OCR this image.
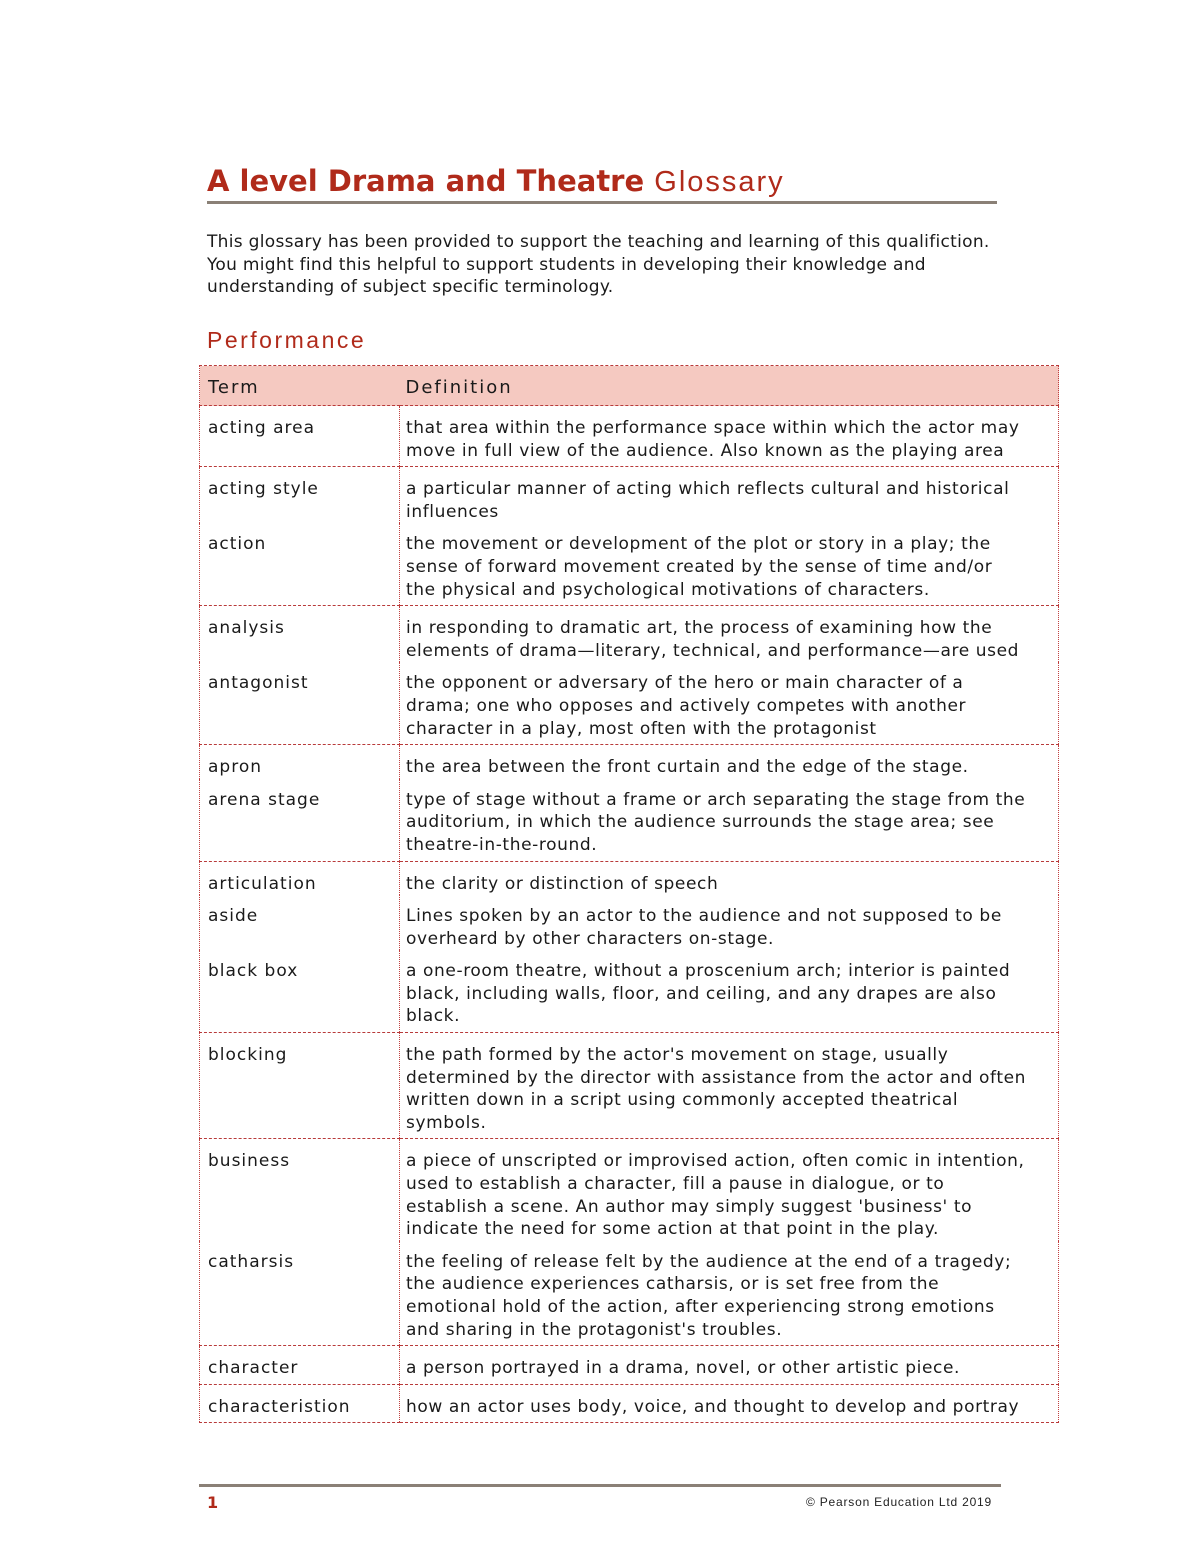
A level Drama and Theatre Glossary

This glossary has been provided to support the teaching and learning of this qualifiction.
You might find this helpful to support students in developing their knowledge and
understanding of subject specific terminology.

Performance
Term	Definition
acting area	that area within the performance space within which the actor may
move in full view of the audience. Also known as the playing area
acting style	a particular manner of acting which reflects cultural and historical
influences
action	the movement or development of the plot or story in a play; the
sense of forward movement created by the sense of time and/or
the physical and psychological motivations of characters.
analysis	in responding to dramatic art, the process of examining how the
elements of drama—literary, technical, and performance—are used
antagonist	the opponent or adversary of the hero or main character of a
drama; one who opposes and actively competes with another
character in a play, most often with the protagonist
apron	the area between the front curtain and the edge of the stage.
arena stage	type of stage without a frame or arch separating the stage from the
auditorium, in which the audience surrounds the stage area; see
theatre-in-the-round.
articulation	the clarity or distinction of speech
aside	Lines spoken by an actor to the audience and not supposed to be
overheard by other characters on-stage.
black box	a one-room theatre, without a proscenium arch; interior is painted
black, including walls, floor, and ceiling, and any drapes are also
black.
blocking	the path formed by the actor's movement on stage, usually
determined by the director with assistance from the actor and often
written down in a script using commonly accepted theatrical
symbols.
business	a piece of unscripted or improvised action, often comic in intention,
used to establish a character, fill a pause in dialogue, or to
establish a scene. An author may simply suggest 'business' to
indicate the need for some action at that point in the play.
catharsis	the feeling of release felt by the audience at the end of a tragedy;
the audience experiences catharsis, or is set free from the
emotional hold of the action, after experiencing strong emotions
and sharing in the protagonist's troubles.
character	a person portrayed in a drama, novel, or other artistic piece.
characteristion	how an actor uses body, voice, and thought to develop and portray
1	© Pearson Education Ltd 2019
